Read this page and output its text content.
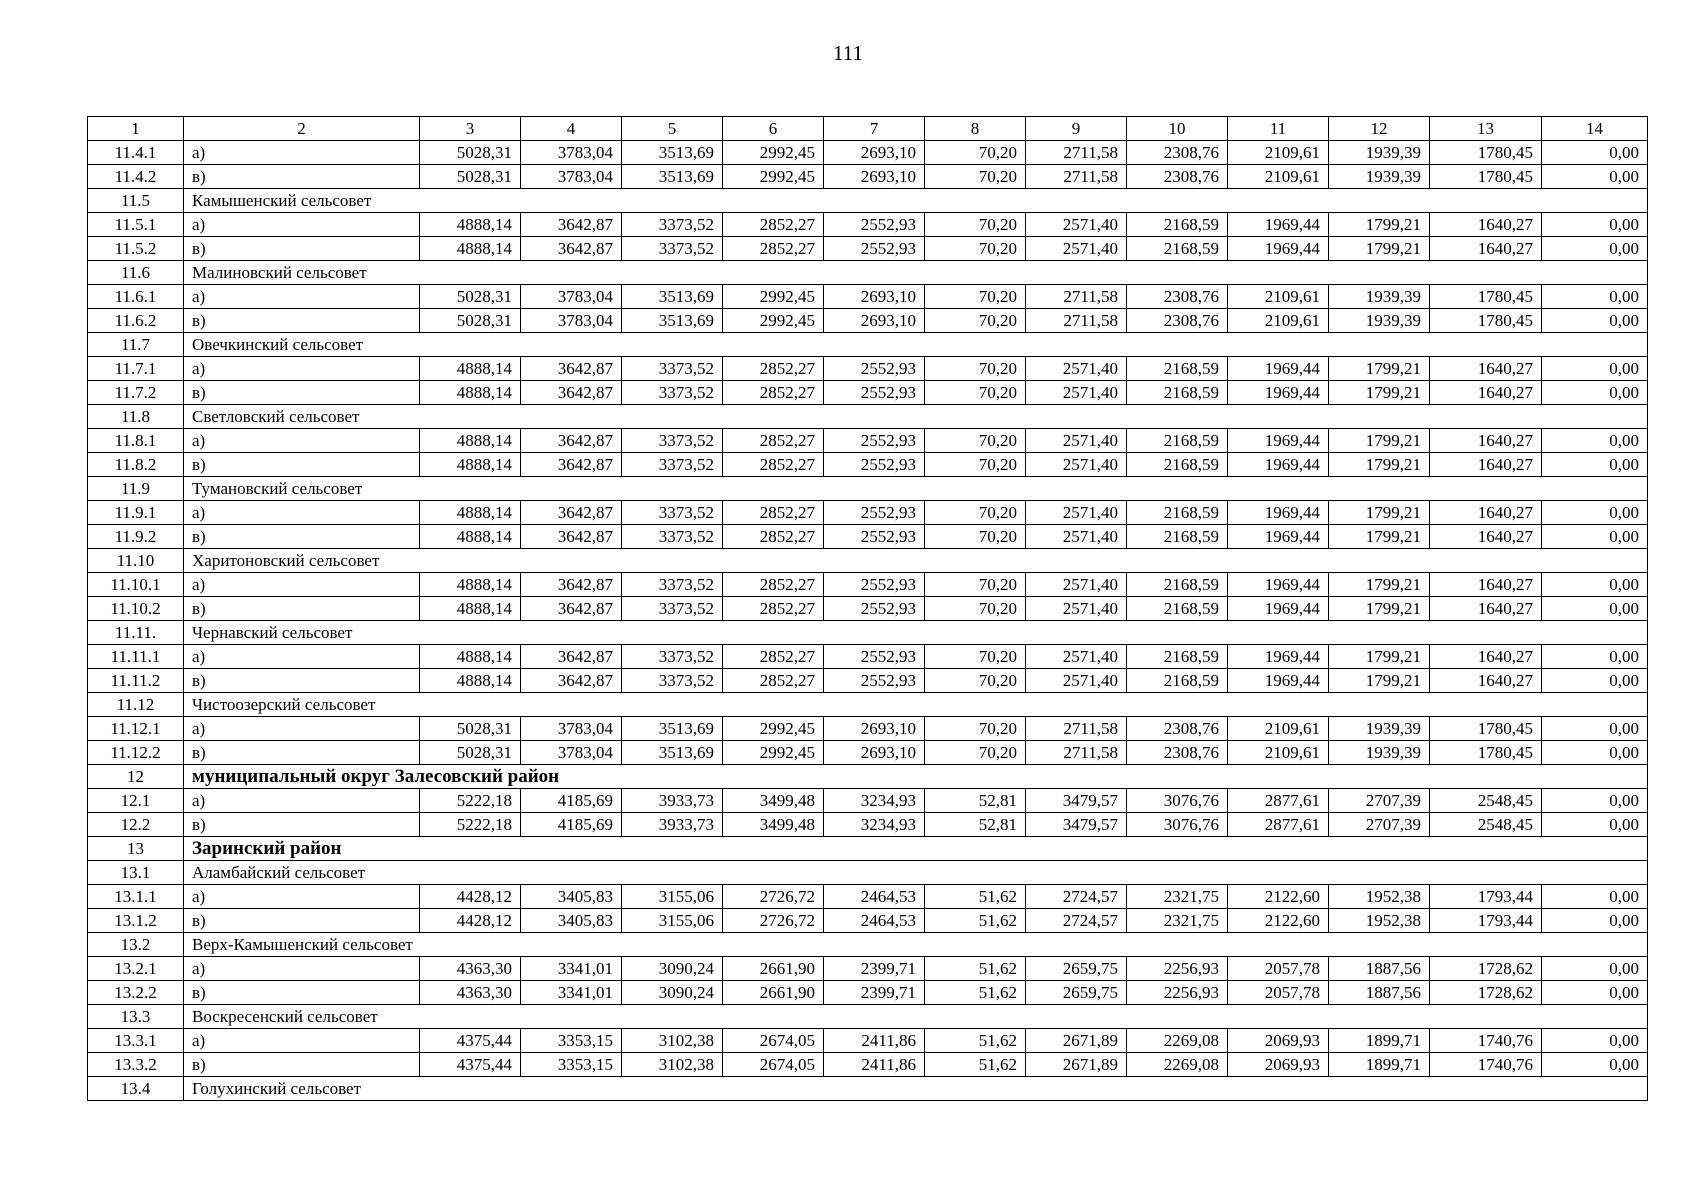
111
1	2	3	4	5	6	7	8	9	10	11	12	13	14
11.4.1	а)	5028,31	3783,04	3513,69	2992,45	2693,10	70,20	2711,58	2308,76	2109,61	1939,39	1780,45	0,00
11.4.2	в)	5028,31	3783,04	3513,69	2992,45	2693,10	70,20	2711,58	2308,76	2109,61	1939,39	1780,45	0,00
11.5	Камышенский сельсовет												
11.5.1	а)	4888,14	3642,87	3373,52	2852,27	2552,93	70,20	2571,40	2168,59	1969,44	1799,21	1640,27	0,00
11.5.2	в)	4888,14	3642,87	3373,52	2852,27	2552,93	70,20	2571,40	2168,59	1969,44	1799,21	1640,27	0,00
11.6	Малиновский сельсовет												
11.6.1	а)	5028,31	3783,04	3513,69	2992,45	2693,10	70,20	2711,58	2308,76	2109,61	1939,39	1780,45	0,00
11.6.2	в)	5028,31	3783,04	3513,69	2992,45	2693,10	70,20	2711,58	2308,76	2109,61	1939,39	1780,45	0,00
11.7	Овечкинский сельсовет												
11.7.1	а)	4888,14	3642,87	3373,52	2852,27	2552,93	70,20	2571,40	2168,59	1969,44	1799,21	1640,27	0,00
11.7.2	в)	4888,14	3642,87	3373,52	2852,27	2552,93	70,20	2571,40	2168,59	1969,44	1799,21	1640,27	0,00
11.8	Светловский сельсовет												
11.8.1	а)	4888,14	3642,87	3373,52	2852,27	2552,93	70,20	2571,40	2168,59	1969,44	1799,21	1640,27	0,00
11.8.2	в)	4888,14	3642,87	3373,52	2852,27	2552,93	70,20	2571,40	2168,59	1969,44	1799,21	1640,27	0,00
11.9	Тумановский сельсовет												
11.9.1	а)	4888,14	3642,87	3373,52	2852,27	2552,93	70,20	2571,40	2168,59	1969,44	1799,21	1640,27	0,00
11.9.2	в)	4888,14	3642,87	3373,52	2852,27	2552,93	70,20	2571,40	2168,59	1969,44	1799,21	1640,27	0,00
11.10	Харитоновский сельсовет												
11.10.1	а)	4888,14	3642,87	3373,52	2852,27	2552,93	70,20	2571,40	2168,59	1969,44	1799,21	1640,27	0,00
11.10.2	в)	4888,14	3642,87	3373,52	2852,27	2552,93	70,20	2571,40	2168,59	1969,44	1799,21	1640,27	0,00
11.11.	Чернавский сельсовет												
11.11.1	а)	4888,14	3642,87	3373,52	2852,27	2552,93	70,20	2571,40	2168,59	1969,44	1799,21	1640,27	0,00
11.11.2	в)	4888,14	3642,87	3373,52	2852,27	2552,93	70,20	2571,40	2168,59	1969,44	1799,21	1640,27	0,00
11.12	Чистоозерский сельсовет												
11.12.1	а)	5028,31	3783,04	3513,69	2992,45	2693,10	70,20	2711,58	2308,76	2109,61	1939,39	1780,45	0,00
11.12.2	в)	5028,31	3783,04	3513,69	2992,45	2693,10	70,20	2711,58	2308,76	2109,61	1939,39	1780,45	0,00
12	муниципальный округ Залесовский район												
12.1	а)	5222,18	4185,69	3933,73	3499,48	3234,93	52,81	3479,57	3076,76	2877,61	2707,39	2548,45	0,00
12.2	в)	5222,18	4185,69	3933,73	3499,48	3234,93	52,81	3479,57	3076,76	2877,61	2707,39	2548,45	0,00
13	Заринский район												
13.1	Аламбайский сельсовет												
13.1.1	а)	4428,12	3405,83	3155,06	2726,72	2464,53	51,62	2724,57	2321,75	2122,60	1952,38	1793,44	0,00
13.1.2	в)	4428,12	3405,83	3155,06	2726,72	2464,53	51,62	2724,57	2321,75	2122,60	1952,38	1793,44	0,00
13.2	Верх-Камышенский сельсовет												
13.2.1	а)	4363,30	3341,01	3090,24	2661,90	2399,71	51,62	2659,75	2256,93	2057,78	1887,56	1728,62	0,00
13.2.2	в)	4363,30	3341,01	3090,24	2661,90	2399,71	51,62	2659,75	2256,93	2057,78	1887,56	1728,62	0,00
13.3	Воскресенский сельсовет												
13.3.1	а)	4375,44	3353,15	3102,38	2674,05	2411,86	51,62	2671,89	2269,08	2069,93	1899,71	1740,76	0,00
13.3.2	в)	4375,44	3353,15	3102,38	2674,05	2411,86	51,62	2671,89	2269,08	2069,93	1899,71	1740,76	0,00
13.4	Голухинский сельсовет												
